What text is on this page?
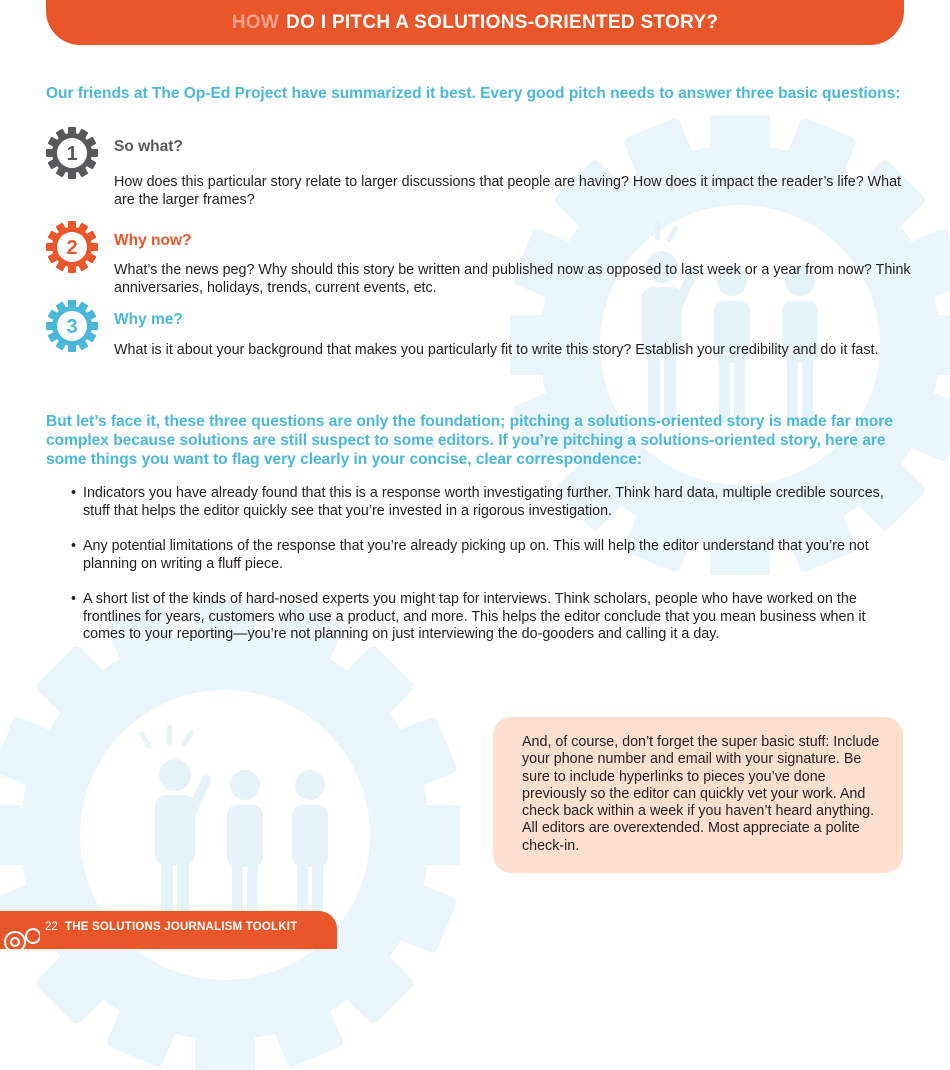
HOW DO I PITCH A SOLUTIONS-ORIENTED STORY?
Our friends at The Op-Ed Project have summarized it best. Every good pitch needs to answer three basic questions:
1 So what?

How does this particular story relate to larger discussions that people are having? How does it impact the reader’s life? What are the larger frames?

2 Why now?

What’s the news peg? Why should this story be written and published now as opposed to last week or a year from now? Think anniversaries, holidays, trends, current events, etc.

3 Why me?

What is it about your background that makes you particularly fit to write this story? Establish your credibility and do it fast.

But let’s face it, these three questions are only the foundation; pitching a solutions-oriented story is made far more complex because solutions are still suspect to some editors. If you’re pitching a solutions-oriented story, here are some things you want to flag very clearly in your concise, clear correspondence:

• Indicators you have already found that this is a response worth investigating further. Think hard data, multiple credible sources, stuff that helps the editor quickly see that you’re invested in a rigorous investigation.
• Any potential limitations of the response that you’re already picking up on. This will help the editor understand that you’re not planning on writing a fluff piece.
• A short list of the kinds of hard-nosed experts you might tap for interviews. Think scholars, people who have worked on the frontlines for years, customers who use a product, and more. This helps the editor conclude that you mean business when it comes to your reporting—you’re not planning on just interviewing the do-gooders and calling it a day.
And, of course, don’t forget the super basic stuff: Include your phone number and email with your signature. Be sure to include hyperlinks to pieces you’ve done previously so the editor can quickly vet your work. And check back within a week if you haven’t heard anything. All editors are overextended. Most appreciate a polite check-in.
22 THE SOLUTIONS JOURNALISM TOOLKIT
